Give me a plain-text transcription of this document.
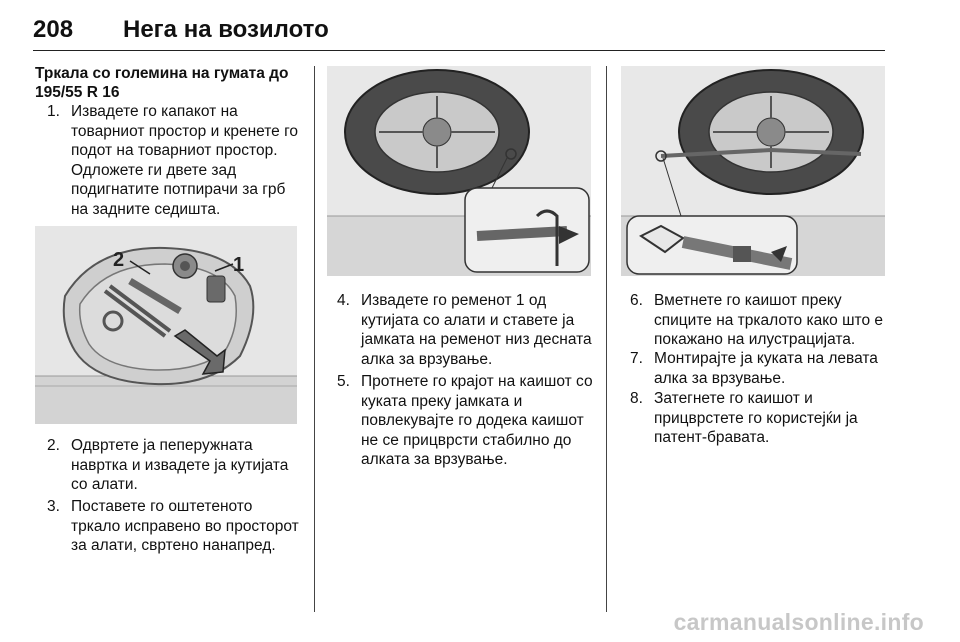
208 Нега на возилото
Тркала со големина на гумата до 195/55 R 16
1. Извадете го капакот на товарниот простор и кренете го подот на товарниот простор. Одложете ги двете зад подигнатите потпирачи за грб на задните седишта.
2	1
2. Одвртете ја пеперужната навртка и извадете ја кутијата со алати.
3. Поставете го оштетеното тркало исправено во просторот за алати, свртено нанапред.
4. Извадете го ременот 1 од кутијата со алати и ставете ја јамката на ременот низ десната алка за врзување.
5. Протнете го крајот на каишот со куката преку јамката и повлекувајте го додека каишот не се прицврсти стабилно до алката за врзување.
6. Вметнете го каишот преку спиците на тркалото како што е покажано на илустрацијата.
7. Монтирајте ја куката на левата алка за врзување.
8. Затегнете го каишот и прицврстете го користејќи ја патент-бравата.
carmanualsonline.info
